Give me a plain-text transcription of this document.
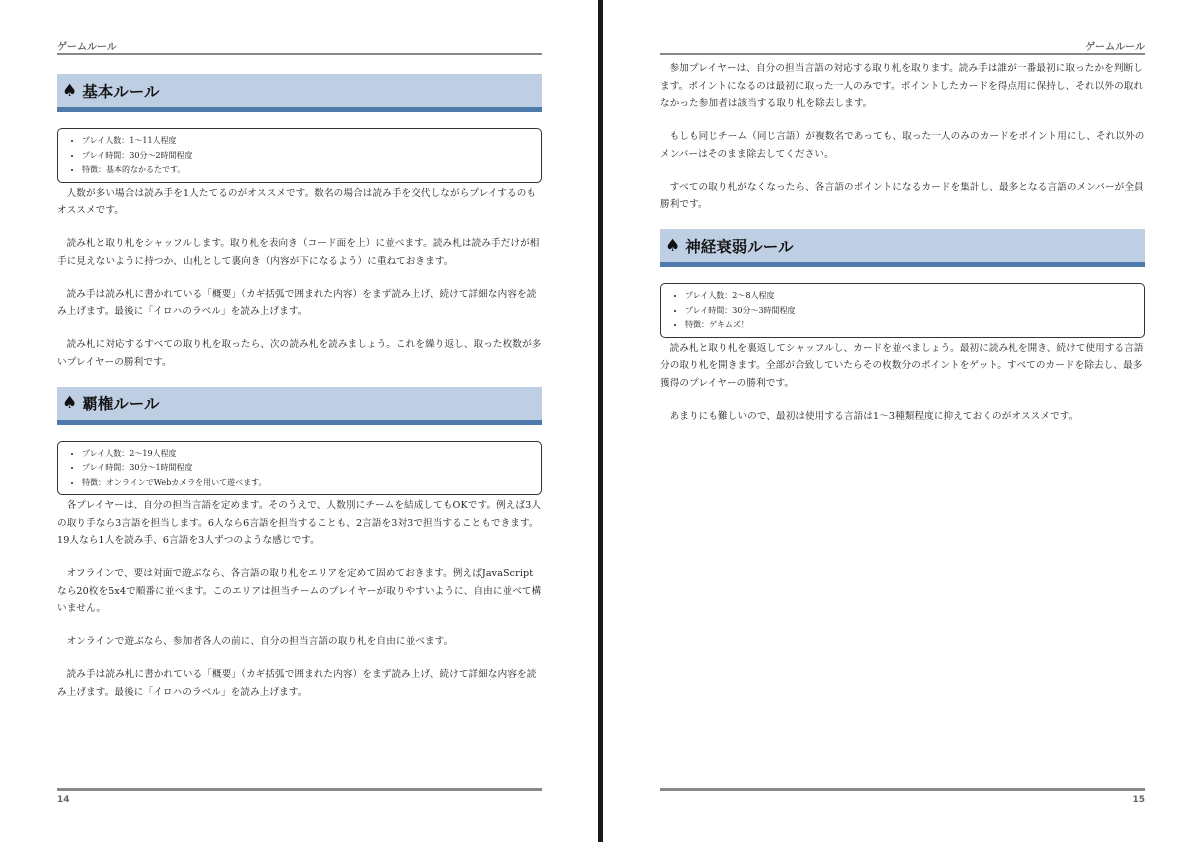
ゲームルール
♠ 基本ルール
• プレイ人数：1〜11人程度
• プレイ時間：30分〜2時間程度
• 特徴：基本的なかるたです。

人数が多い場合は読み手を1人たてるのがオススメです。数名の場合は読み手を交代しながらプレイするのもオススメです。

読み札と取り札をシャッフルします。取り札を表向き（コード面を上）に並べます。読み札は読み手だけが相手に見えないように持つか、山札として裏向き（内容が下になるよう）に重ねておきます。

読み手は読み札に書かれている「概要」（カギ括弧で囲まれた内容）をまず読み上げ、続けて詳細な内容を読み上げます。最後に「イロハのラベル」を読み上げます。

読み札に対応するすべての取り札を取ったら、次の読み札を読みましょう。これを繰り返し、取った枚数が多いプレイヤーの勝利です。

♠ 覇権ルール
• プレイ人数：2〜19人程度
• プレイ時間：30分〜1時間程度
• 特徴：オンラインでWebカメラを用いて遊べます。

各プレイヤーは、自分の担当言語を定めます。そのうえで、人数別にチームを結成してもOKです。例えば3人の取り手なら3言語を担当します。6人なら6言語を担当することも、2言語を3対3で担当することもできます。19人なら1人を読み手、6言語を3人ずつのような感じです。

オフラインで、要は対面で遊ぶなら、各言語の取り札をエリアを定めて固めておきます。例えばJavaScriptなら20枚を5x4で順番に並べます。このエリアは担当チームのプレイヤーが取りやすいように、自由に並べて構いません。

オンラインで遊ぶなら、参加者各人の前に、自分の担当言語の取り札を自由に並べます。

読み手は読み札に書かれている「概要」（カギ括弧で囲まれた内容）をまず読み上げ、続けて詳細な内容を読み上げます。最後に「イロハのラベル」を読み上げます。

14
ゲームルール

参加プレイヤーは、自分の担当言語の対応する取り札を取ります。読み手は誰が一番最初に取ったかを判断します。ポイントになるのは最初に取った一人のみです。ポイントしたカードを得点用に保持し、それ以外の取れなかった参加者は該当する取り札を除去します。

もしも同じチーム（同じ言語）が複数名であっても、取った一人のみのカードをポイント用にし、それ以外のメンバーはそのまま除去してください。

すべての取り札がなくなったら、各言語のポイントになるカードを集計し、最多となる言語のメンバーが全員勝利です。

♠ 神経衰弱ルール
• プレイ人数：2〜8人程度
• プレイ時間：30分〜3時間程度
• 特徴：ゲキムズ！

読み札と取り札を裏返してシャッフルし、カードを並べましょう。最初に読み札を開き、続けて使用する言語分の取り札を開きます。全部が合致していたらその枚数分のポイントをゲット。すべてのカードを除去し、最多獲得のプレイヤーの勝利です。

あまりにも難しいので、最初は使用する言語は1〜3種類程度に抑えておくのがオススメです。

15
